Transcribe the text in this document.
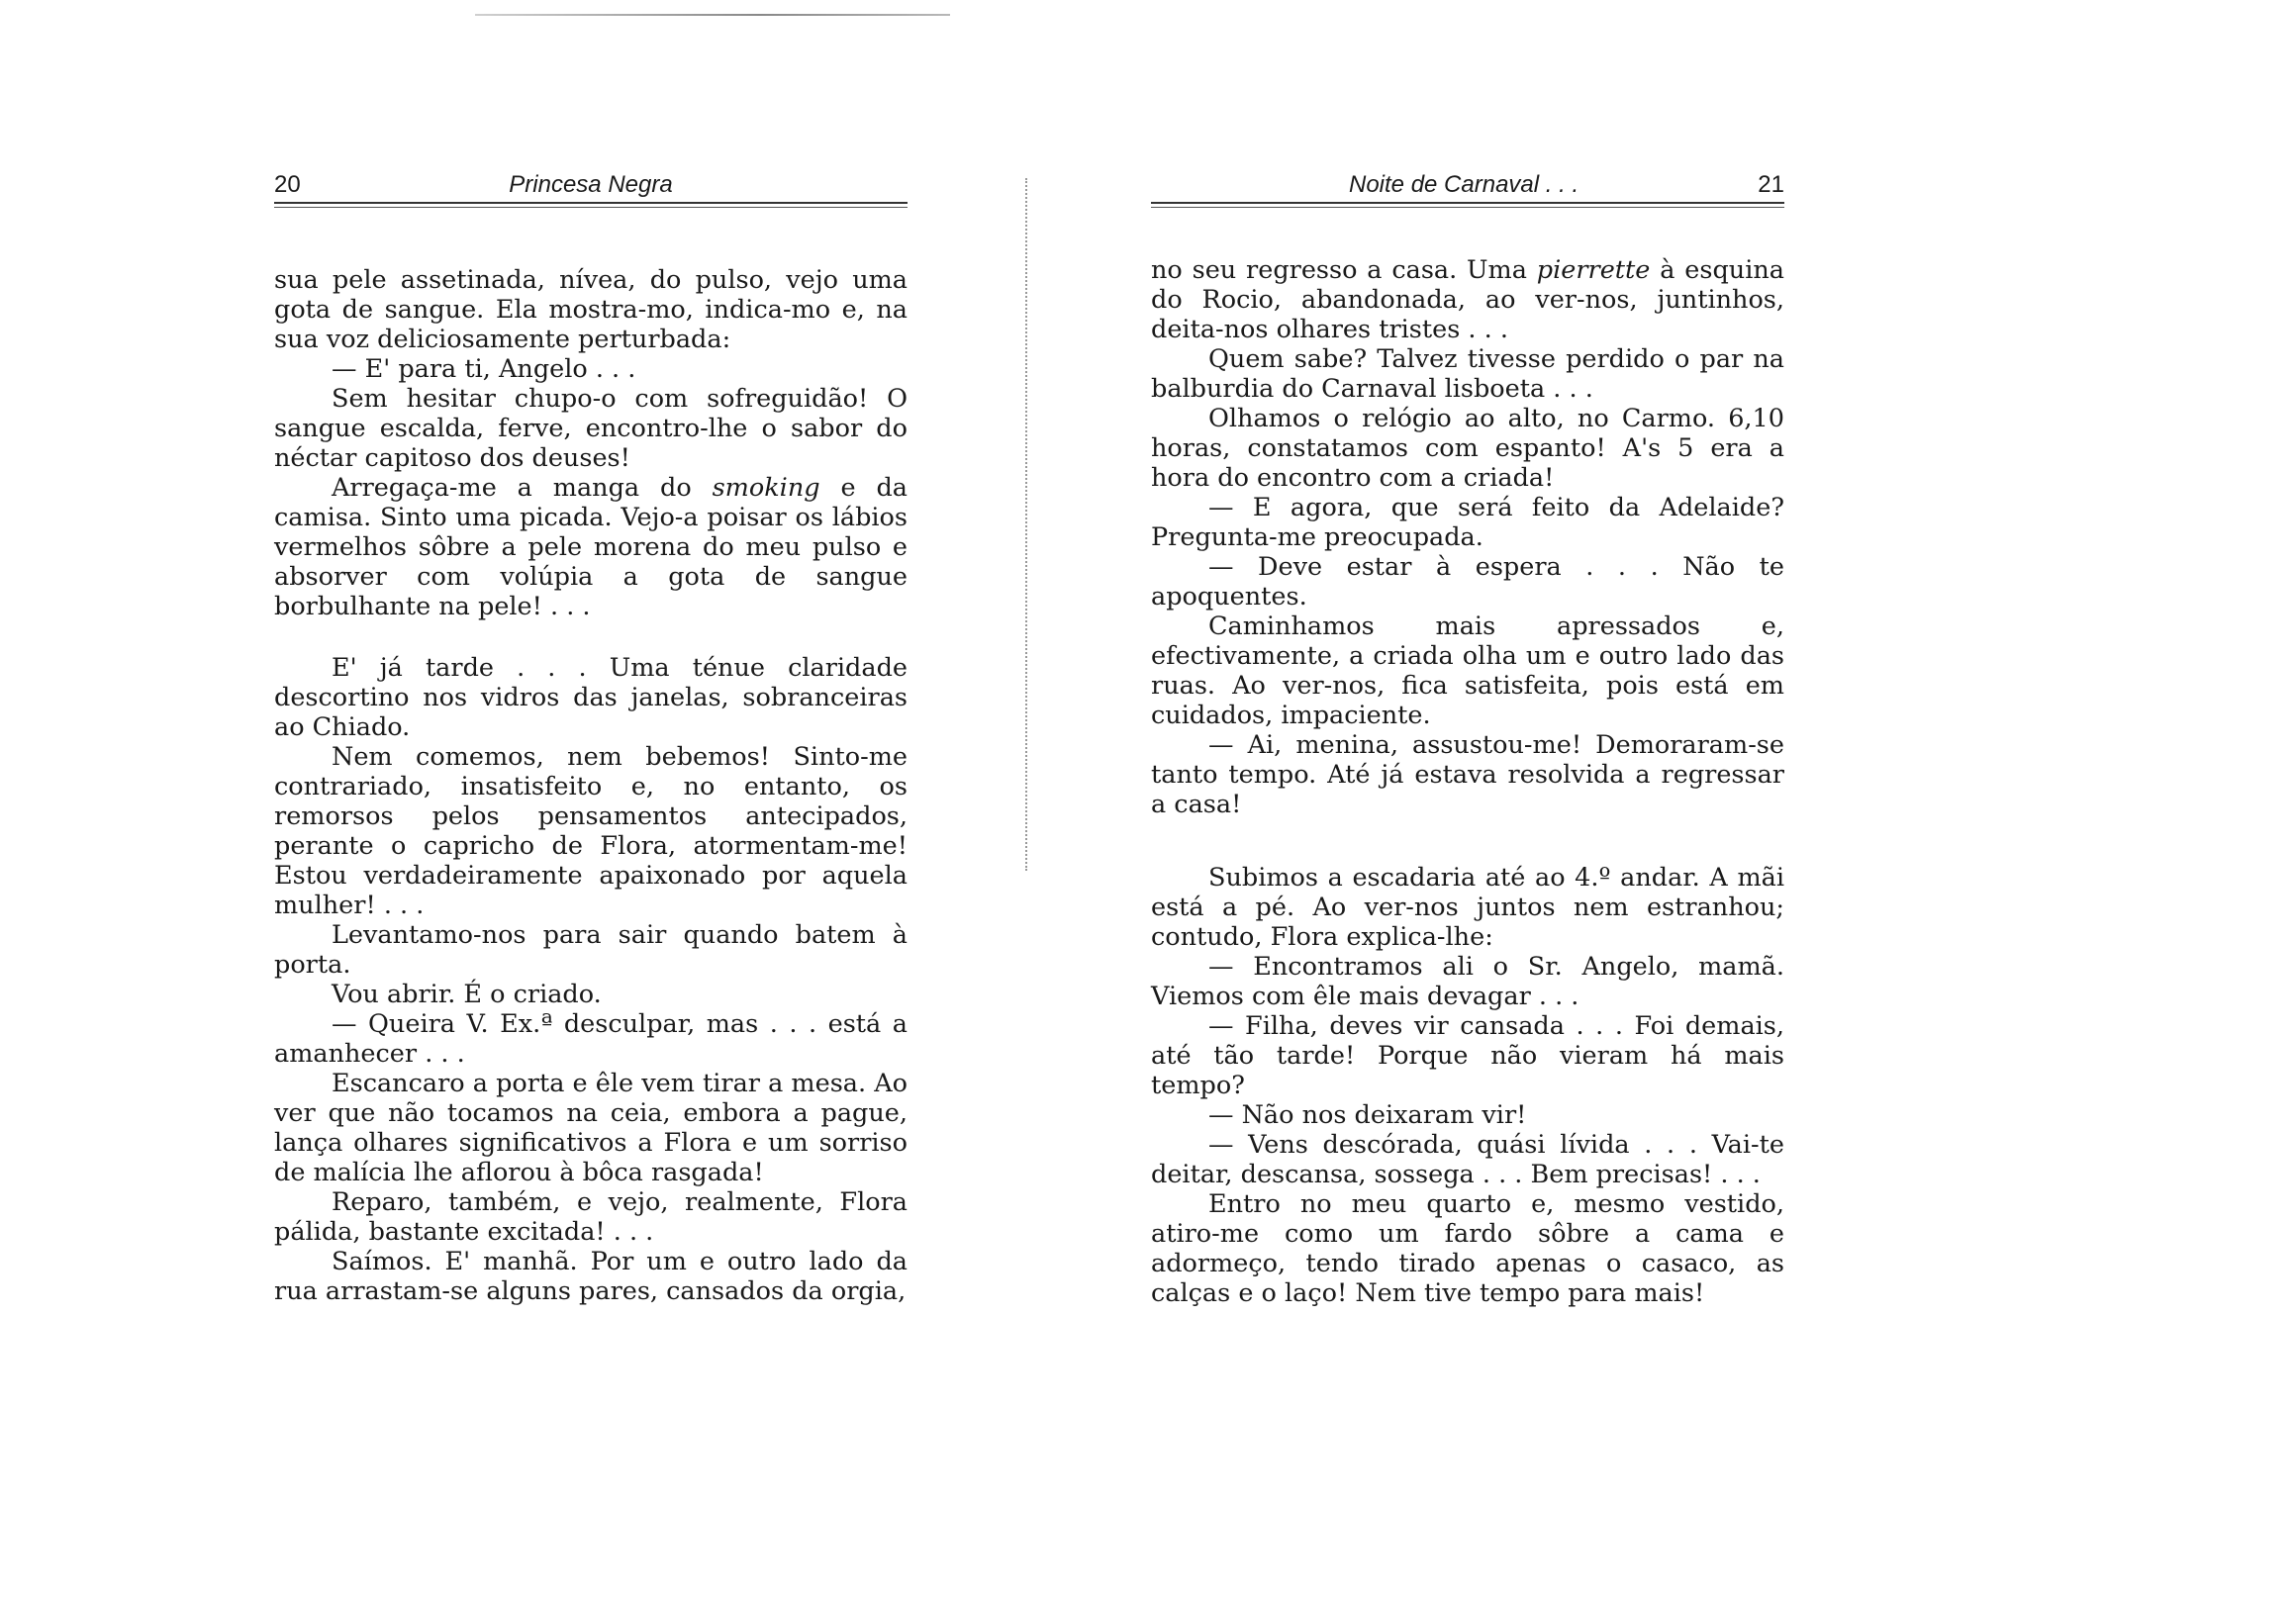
20	Princesa Negra

sua pele assetinada, nívea, do pulso, vejo uma gota de sangue. Ela mostra-mo, indica-mo e, na sua voz deliciosamente perturbada:

— E' para ti, Angelo . . .

Sem hesitar chupo-o com sofreguidão! O sangue escalda, ferve, encontro-lhe o sabor do néctar capitoso dos deuses!

Arregaça-me a manga do smoking e da camisa. Sinto uma picada. Vejo-a poisar os lábios vermelhos sôbre a pele morena do meu pulso e absorver com volúpia a gota de sangue borbulhante na pele! . . .

E' já tarde . . . Uma ténue claridade descortino nos vidros das janelas, sobranceiras ao Chiado.

Nem comemos, nem bebemos! Sinto-me contrariado, insatisfeito e, no entanto, os remorsos pelos pensamentos antecipados, perante o capricho de Flora, atormentam-me! Estou verdadeiramente apaixonado por aquela mulher! . . .

Levantamo-nos para sair quando batem à porta.

Vou abrir. É o criado.

— Queira V. Ex.ª desculpar, mas . . . está a amanhecer . . .

Escancaro a porta e êle vem tirar a mesa. Ao ver que não tocamos na ceia, embora a pague, lança olhares significativos a Flora e um sorriso de malícia lhe aflorou à bôca rasgada!

Reparo, também, e vejo, realmente, Flora pálida, bastante excitada! . . .

Saímos. E' manhã. Por um e outro lado da rua arrastam-se alguns pares, cansados da orgia,

Noite de Carnaval . . .	21

no seu regresso a casa. Uma pierrette à esquina do Rocio, abandonada, ao ver-nos, juntinhos, deita-nos olhares tristes . . .

Quem sabe? Talvez tivesse perdido o par na balburdia do Carnaval lisboeta . . .

Olhamos o relógio ao alto, no Carmo. 6,10 horas, constatamos com espanto! A's 5 era a hora do encontro com a criada!

— E agora, que será feito da Adelaide? Pregunta-me preocupada.

— Deve estar à espera . . . Não te apoquentes.

Caminhamos mais apressados e, efectivamente, a criada olha um e outro lado das ruas. Ao ver-nos, fica satisfeita, pois está em cuidados, impaciente.

— Ai, menina, assustou-me! Demoraram-se tanto tempo. Até já estava resolvida a regressar a casa!

Subimos a escadaria até ao 4.º andar. A mãi está a pé. Ao ver-nos juntos nem estranhou; contudo, Flora explica-lhe:

— Encontramos ali o Sr. Angelo, mamã. Viemos com êle mais devagar . . .

— Filha, deves vir cansada . . . Foi demais, até tão tarde! Porque não vieram há mais tempo?

— Não nos deixaram vir!

— Vens descórada, quási lívida . . . Vai-te deitar, descansa, sossega . . . Bem precisas! . . .

Entro no meu quarto e, mesmo vestido, atiro-me como um fardo sôbre a cama e adormeço, tendo tirado apenas o casaco, as calças e o laço! Nem tive tempo para mais!
